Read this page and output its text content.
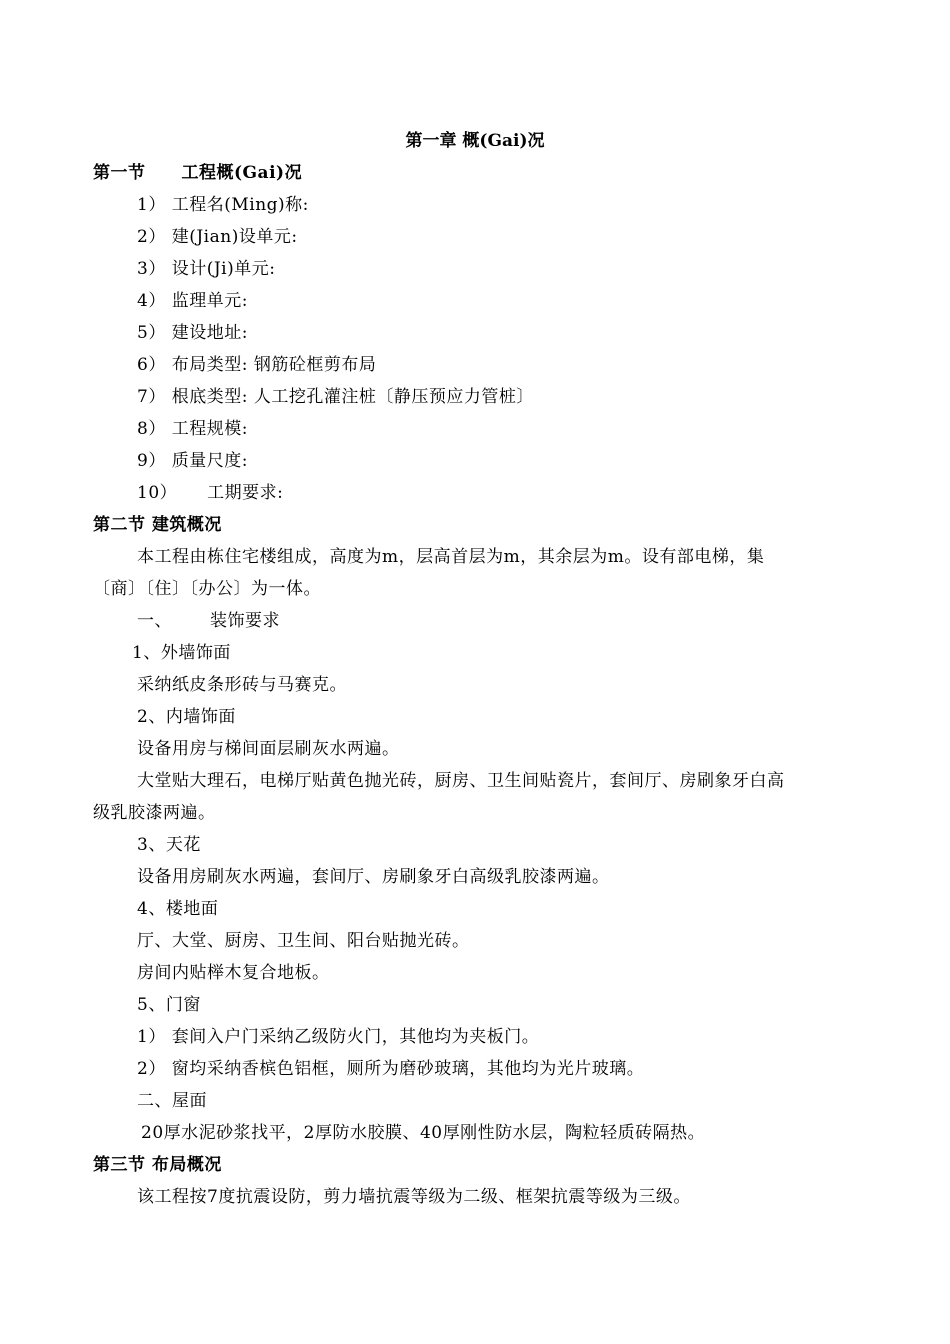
第一章 概(Gai)况
第一节 工程概(Gai)况
1） 工程名(Ming)称:
2） 建(Jian)设单元:
3） 设计(Ji)单元:
4） 监理单元:
5） 建设地址:
6） 布局类型: 钢筋砼框剪布局
7） 根底类型: 人工挖孔灌注桩〔静压预应力管桩〕
8） 工程规模:
9） 质量尺度:
10） 工期要求:
第二节 建筑概况
本工程由栋住宅楼组成，高度为m，层高首层为m，其余层为m。设有部电梯，集
〔商〕〔住〕〔办公〕为一体。
一、 装饰要求
1、外墙饰面
采纳纸皮条形砖与马赛克。
2、内墙饰面
设备用房与梯间面层刷灰水两遍。
大堂贴大理石，电梯厅贴黄色抛光砖，厨房、卫生间贴瓷片，套间厅、房刷象牙白高
级乳胶漆两遍。
3、天花
设备用房刷灰水两遍，套间厅、房刷象牙白高级乳胶漆两遍。
4、楼地面
厅、大堂、厨房、卫生间、阳台贴抛光砖。
房间内贴榉木复合地板。
5、门窗
1） 套间入户门采纳乙级防火门，其他均为夹板门。
2） 窗均采纳香槟色铝框，厕所为磨砂玻璃，其他均为光片玻璃。
二、屋面
20厚水泥砂浆找平，2厚防水胶膜、40厚刚性防水层，陶粒轻质砖隔热。
第三节 布局概况
该工程按7度抗震设防，剪力墙抗震等级为二级、框架抗震等级为三级。
